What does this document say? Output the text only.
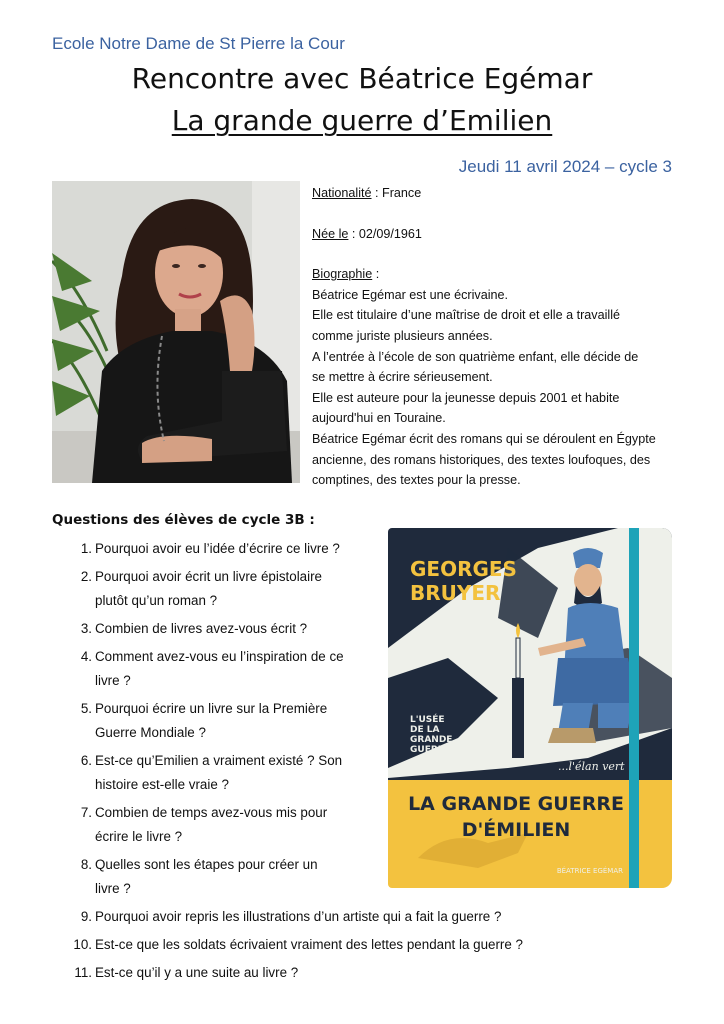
Ecole Notre Dame de St Pierre la Cour
Rencontre avec Béatrice Egémar
La grande guerre d’Emilien
Jeudi 11 avril 2024 – cycle 3

Nationalité : France

Née le : 02/09/1961

Biographie :

Béatrice Egémar est une écrivaine.

Elle est titulaire d’une maîtrise de droit et elle a travaillé

comme juriste plusieurs années.

A l’entrée à l’école de son quatrième enfant, elle décide de

se mettre à écrire sérieusement.

Elle est auteure pour la jeunesse depuis 2001 et habite

aujourd'hui en Touraine.

Béatrice Egémar écrit des romans qui se déroulent en Égypte

ancienne, des romans historiques, des textes loufoques, des

comptines, des textes pour la presse.

Questions des élèves de cycle 3B :
1. Pourquoi avoir eu l’idée d’écrire ce livre ?
2. Pourquoi avoir écrit un livre épistolaire
plutôt qu’un roman ?
3. Combien de livres avez-vous écrit ?
4. Comment avez-vous eu l’inspiration de ce
livre ?
5. Pourquoi écrire un livre sur la Première
Guerre Mondiale ?
6. Est-ce qu’Emilien a vraiment existé ? Son
histoire est-elle vraie ?
7. Combien de temps avez-vous mis pour
écrire le livre ?
8. Quelles sont les étapes pour créer un
livre ?
9. Pourquoi avoir repris les illustrations d’un artiste qui a fait la guerre ?
10. Est-ce que les soldats écrivaient vraiment des lettes pendant la guerre ?
11. Est-ce qu’il y a une suite au livre ?
GEORGES
BRUYER
L'USÉE
DE LA
GRANDE
GUERRE
...l'élan vert
LA GRANDE GUERRE
D'ÉMILIEN
BÉATRICE EGÉMAR
